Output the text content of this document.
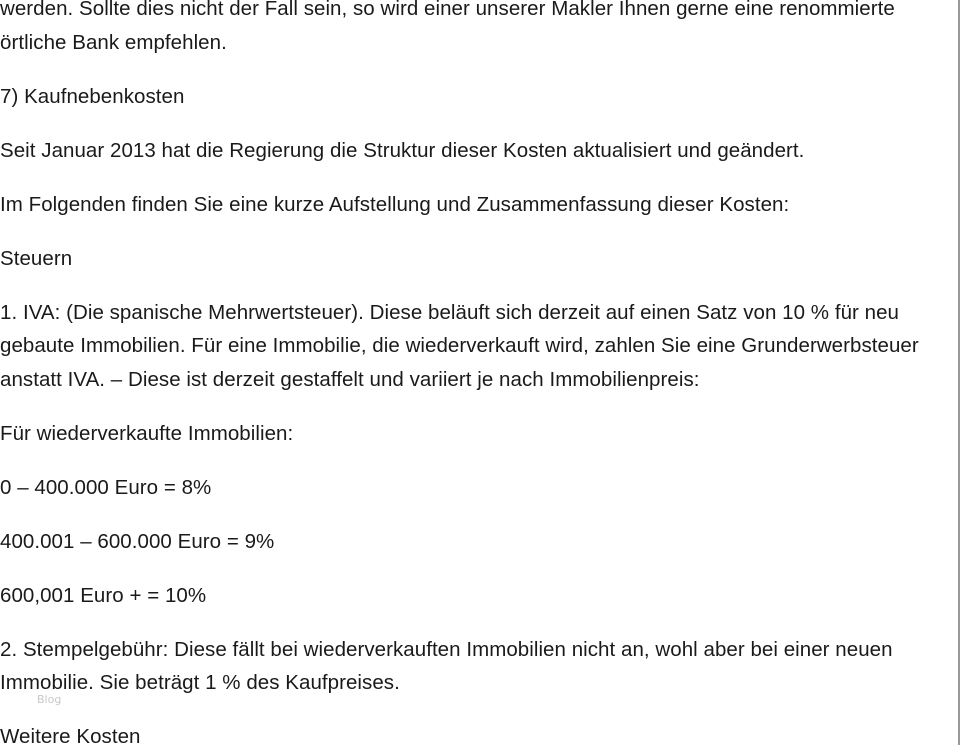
werden. Sollte dies nicht der Fall sein, so wird einer unserer Makler Ihnen gerne eine renommierte

örtliche Bank empfehlen.

7) Kaufnebenkosten

Seit Januar 2013 hat die Regierung die Struktur dieser Kosten aktualisiert und geändert.

Im Folgenden finden Sie eine kurze Aufstellung und Zusammenfassung dieser Kosten:

Steuern

1. IVA: (Die spanische Mehrwertsteuer). Diese beläuft sich derzeit auf einen Satz von 10 % für neu

gebaute Immobilien. Für eine Immobilie, die wiederverkauft wird, zahlen Sie eine Grunderwerbsteuer

anstatt IVA. – Diese ist derzeit gestaffelt und variiert je nach Immobilienpreis:

Für wiederverkaufte Immobilien:

0 – 400.000 Euro = 8%

400.001 – 600.000 Euro = 9%

600,001 Euro + = 10%

2. Stempelgebühr: Diese fällt bei wiederverkauften Immobilien nicht an, wohl aber bei einer neuen

Immobilie. Sie beträgt 1 % des Kaufpreises.

Weitere Kosten

Blog
